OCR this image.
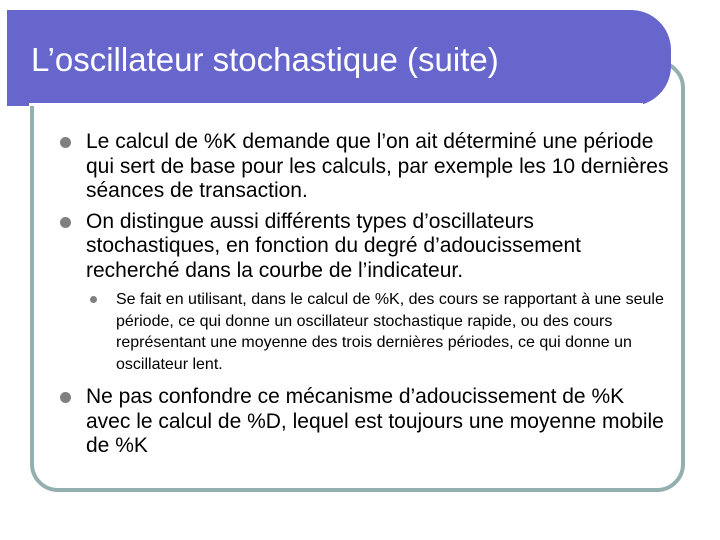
L’oscillateur stochastique (suite)
Le calcul de %K demande que l’on ait déterminé une période qui sert de base pour les calculs, par exemple les 10 dernières séances de transaction.
On distingue aussi différents types d’oscillateurs stochastiques, en fonction du degré d’adoucissement recherché dans la courbe de l’indicateur.
Se fait en utilisant, dans le calcul de %K, des cours se rapportant à une seule période, ce qui donne un oscillateur stochastique rapide, ou des cours représentant une moyenne des trois dernières périodes, ce qui donne un oscillateur lent.
Ne pas confondre ce mécanisme d’adoucissement de %K avec le calcul de %D, lequel est toujours une moyenne mobile de %K
